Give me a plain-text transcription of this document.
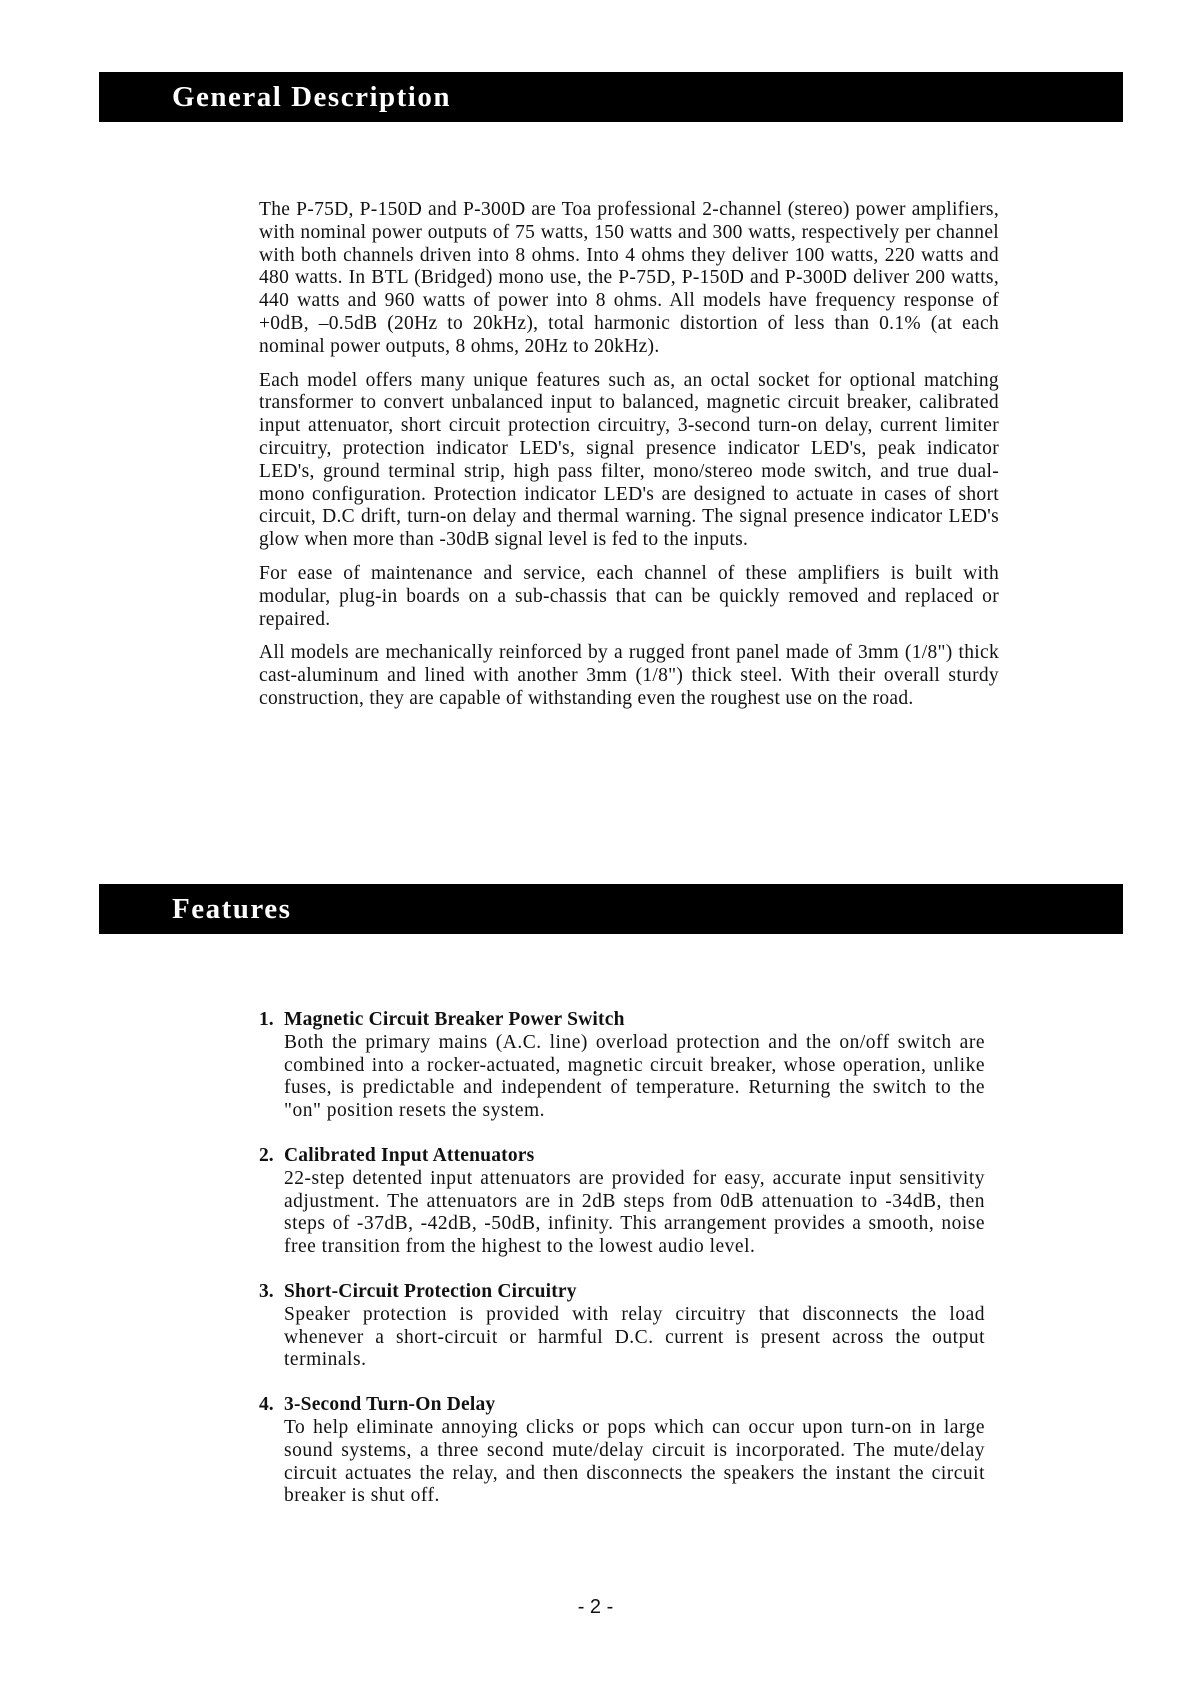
General Description

The P-75D, P-150D and P-300D are Toa professional 2-channel (stereo) power amplifiers, with nominal power outputs of 75 watts, 150 watts and 300 watts, respectively per channel with both channels driven into 8 ohms. Into 4 ohms they deliver 100 watts, 220 watts and 480 watts. In BTL (Bridged) mono use, the P-75D, P-150D and P-300D deliver 200 watts, 440 watts and 960 watts of power into 8 ohms. All models have frequency response of +0dB, –0.5dB (20Hz to 20kHz), total harmonic distortion of less than 0.1% (at each nominal power outputs, 8 ohms, 20Hz to 20kHz).

Each model offers many unique features such as, an octal socket for optional matching transformer to convert unbalanced input to balanced, magnetic circuit breaker, calibrated input attenuator, short circuit protection circuitry, 3-second turn-on delay, current limiter circuitry, protection indicator LED's, signal presence indicator LED's, peak indicator LED's, ground terminal strip, high pass filter, mono/stereo mode switch, and true dual-mono configuration. Protection indicator LED's are designed to actuate in cases of short circuit, D.C drift, turn-on delay and thermal warning. The signal presence indicator LED's glow when more than -30dB signal level is fed to the inputs.

For ease of maintenance and service, each channel of these amplifiers is built with modular, plug-in boards on a sub-chassis that can be quickly removed and replaced or repaired.

All models are mechanically reinforced by a rugged front panel made of 3mm (1/8") thick cast-aluminum and lined with another 3mm (1/8") thick steel. With their overall sturdy construction, they are capable of withstanding even the roughest use on the road.

Features
1. Magnetic Circuit Breaker Power Switch
Both the primary mains (A.C. line) overload protection and the on/off switch are combined into a rocker-actuated, magnetic circuit breaker, whose operation, unlike fuses, is predictable and independent of temperature. Returning the switch to the "on" position resets the system.
2. Calibrated Input Attenuators
22-step detented input attenuators are provided for easy, accurate input sensitivity adjustment. The attenuators are in 2dB steps from 0dB attenuation to -34dB, then steps of -37dB, -42dB, -50dB, infinity. This arrangement provides a smooth, noise free transition from the highest to the lowest audio level.
3. Short-Circuit Protection Circuitry
Speaker protection is provided with relay circuitry that disconnects the load whenever a short-circuit or harmful D.C. current is present across the output terminals.
4. 3-Second Turn-On Delay
To help eliminate annoying clicks or pops which can occur upon turn-on in large sound systems, a three second mute/delay circuit is incorporated. The mute/delay circuit actuates the relay, and then disconnects the speakers the instant the circuit breaker is shut off.
- 2 -
